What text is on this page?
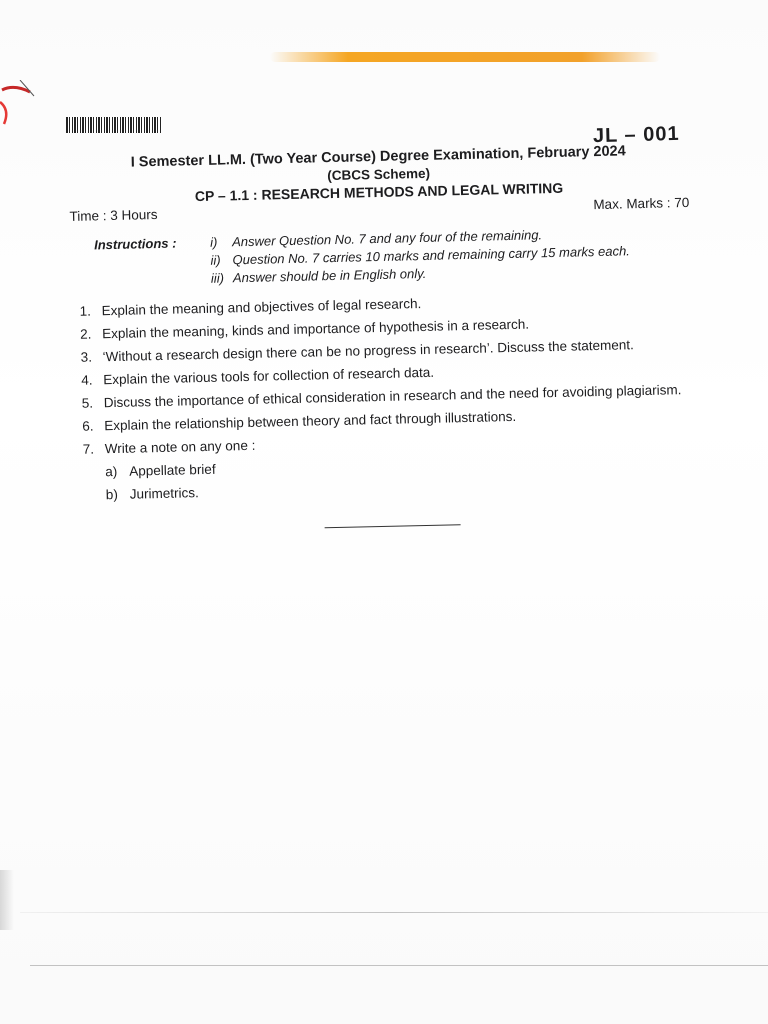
JL – 001
I Semester LL.M. (Two Year Course) Degree Examination, February 2024
(CBCS Scheme)
CP – 1.1 : RESEARCH METHODS AND LEGAL WRITING
Time : 3 Hours
Max. Marks : 70
Instructions :	i)	Answer Question No. 7 and any four of the remaining.
ii) Question No. 7 carries 10 marks and remaining carry 15 marks each.
iii) Answer should be in English only.
1. Explain the meaning and objectives of legal research.
2. Explain the meaning, kinds and importance of hypothesis in a research.
3. ‘Without a research design there can be no progress in research’. Discuss the statement.
4. Explain the various tools for collection of research data.
5. Discuss the importance of ethical consideration in research and the need for avoiding plagiarism.
6. Explain the relationship between theory and fact through illustrations.
7. Write a note on any one :
a) Appellate brief
b) Jurimetrics.
